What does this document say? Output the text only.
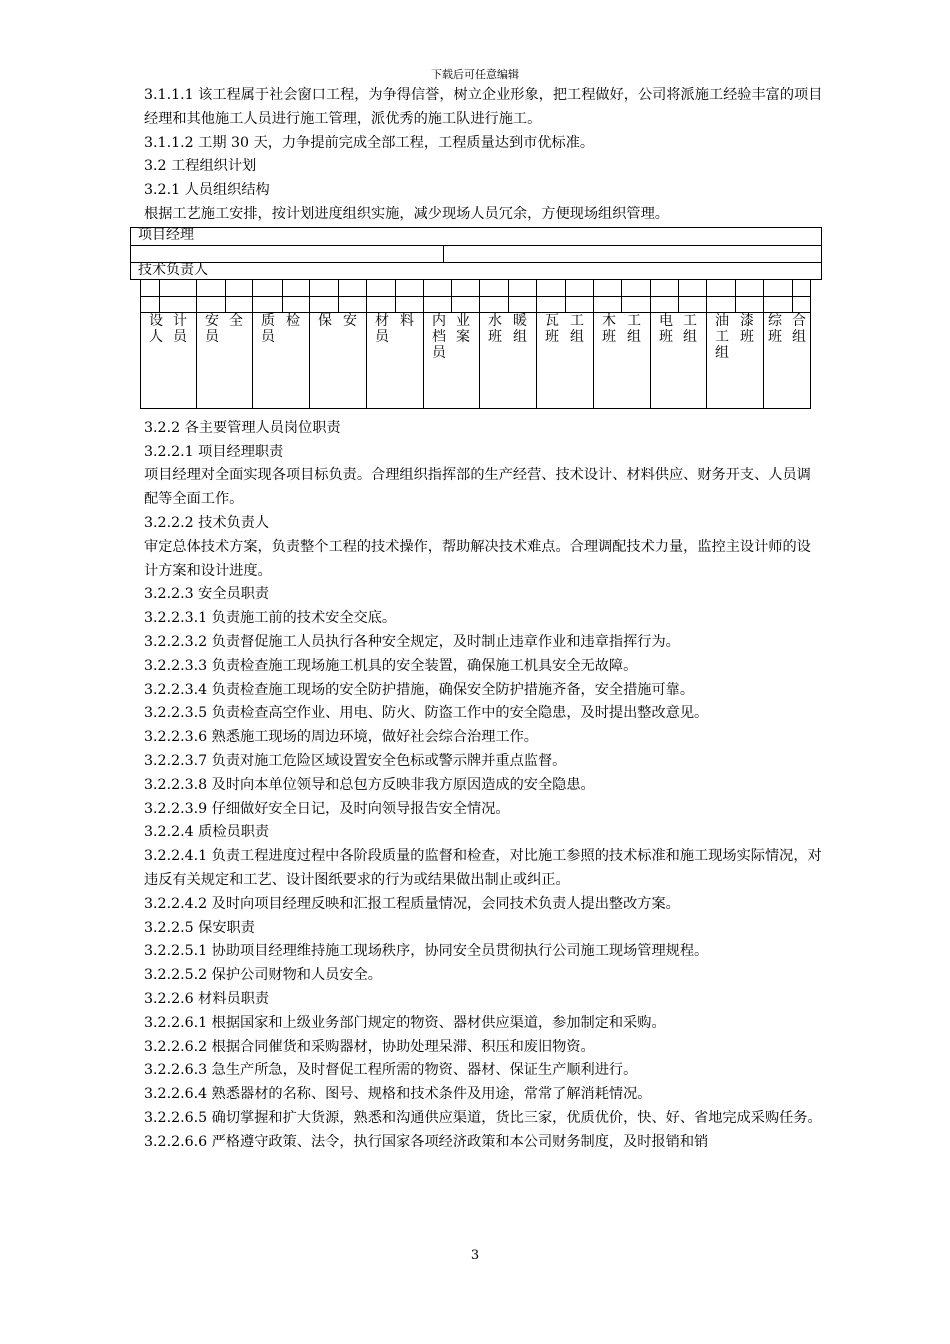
下载后可任意编辑

3.1.1.1 该工程属于社会窗口工程，为争得信誉，树立企业形象，把工程做好，公司将派施工经验丰富的项目经理和其他施工人员进行施工管理，派优秀的施工队进行施工。

3.1.1.2 工期 30 天，力争提前完成全部工程，工程质量达到市优标准。

3.2 工程组织计划

3.2.1 人员组织结构

根据工艺施工安排，按计划进度组织实施，减少现场人员冗余，方便现场组织管理。

项目经理
技术负责人
设计人员
安全员
质检员
保安 材料员
内业档案员
水暖班组
瓦工班组
木工班组
电工班组
油漆工班组
综合班组

3.2.2 各主要管理人员岗位职责

3.2.2.1 项目经理职责

项目经理对全面实现各项目标负责。合理组织指挥部的生产经营、技术设计、材料供应、财务开支、人员调配等全面工作。

3.2.2.2 技术负责人

审定总体技术方案，负责整个工程的技术操作，帮助解决技术难点。合理调配技术力量，监控主设计师的设计方案和设计进度。

3.2.2.3 安全员职责

3.2.2.3.1 负责施工前的技术安全交底。

3.2.2.3.2 负责督促施工人员执行各种安全规定，及时制止违章作业和违章指挥行为。

3.2.2.3.3 负责检查施工现场施工机具的安全装置，确保施工机具安全无故障。

3.2.2.3.4 负责检查施工现场的安全防护措施，确保安全防护措施齐备，安全措施可靠。

3.2.2.3.5 负责检查高空作业、用电、防火、防盗工作中的安全隐患，及时提出整改意见。

3.2.2.3.6 熟悉施工现场的周边环境，做好社会综合治理工作。

3.2.2.3.7 负责对施工危险区域设置安全色标或警示牌并重点监督。

3.2.2.3.8 及时向本单位领导和总包方反映非我方原因造成的安全隐患。

3.2.2.3.9 仔细做好安全日记，及时向领导报告安全情况。

3.2.2.4 质检员职责

3.2.2.4.1 负责工程进度过程中各阶段质量的监督和检查，对比施工参照的技术标准和施工现场实际情况，对违反有关规定和工艺、设计图纸要求的行为或结果做出制止或纠正。

3.2.2.4.2 及时向项目经理反映和汇报工程质量情况，会同技术负责人提出整改方案。

3.2.2.5 保安职责

3.2.2.5.1 协助项目经理维持施工现场秩序，协同安全员贯彻执行公司施工现场管理规程。

3.2.2.5.2 保护公司财物和人员安全。

3.2.2.6 材料员职责

3.2.2.6.1 根据国家和上级业务部门规定的物资、器材供应渠道，参加制定和采购。

3.2.2.6.2 根据合同催货和采购器材，协助处理呆滞、积压和废旧物资。

3.2.2.6.3 急生产所急，及时督促工程所需的物资、器材、保证生产顺利进行。

3.2.2.6.4 熟悉器材的名称、图号、规格和技术条件及用途，常常了解消耗情况。

3.2.2.6.5 确切掌握和扩大货源，熟悉和沟通供应渠道，货比三家，优质优价，快、好、省地完成采购任务。

3.2.2.6.6 严格遵守政策、法令，执行国家各项经济政策和本公司财务制度，及时报销和销

3
